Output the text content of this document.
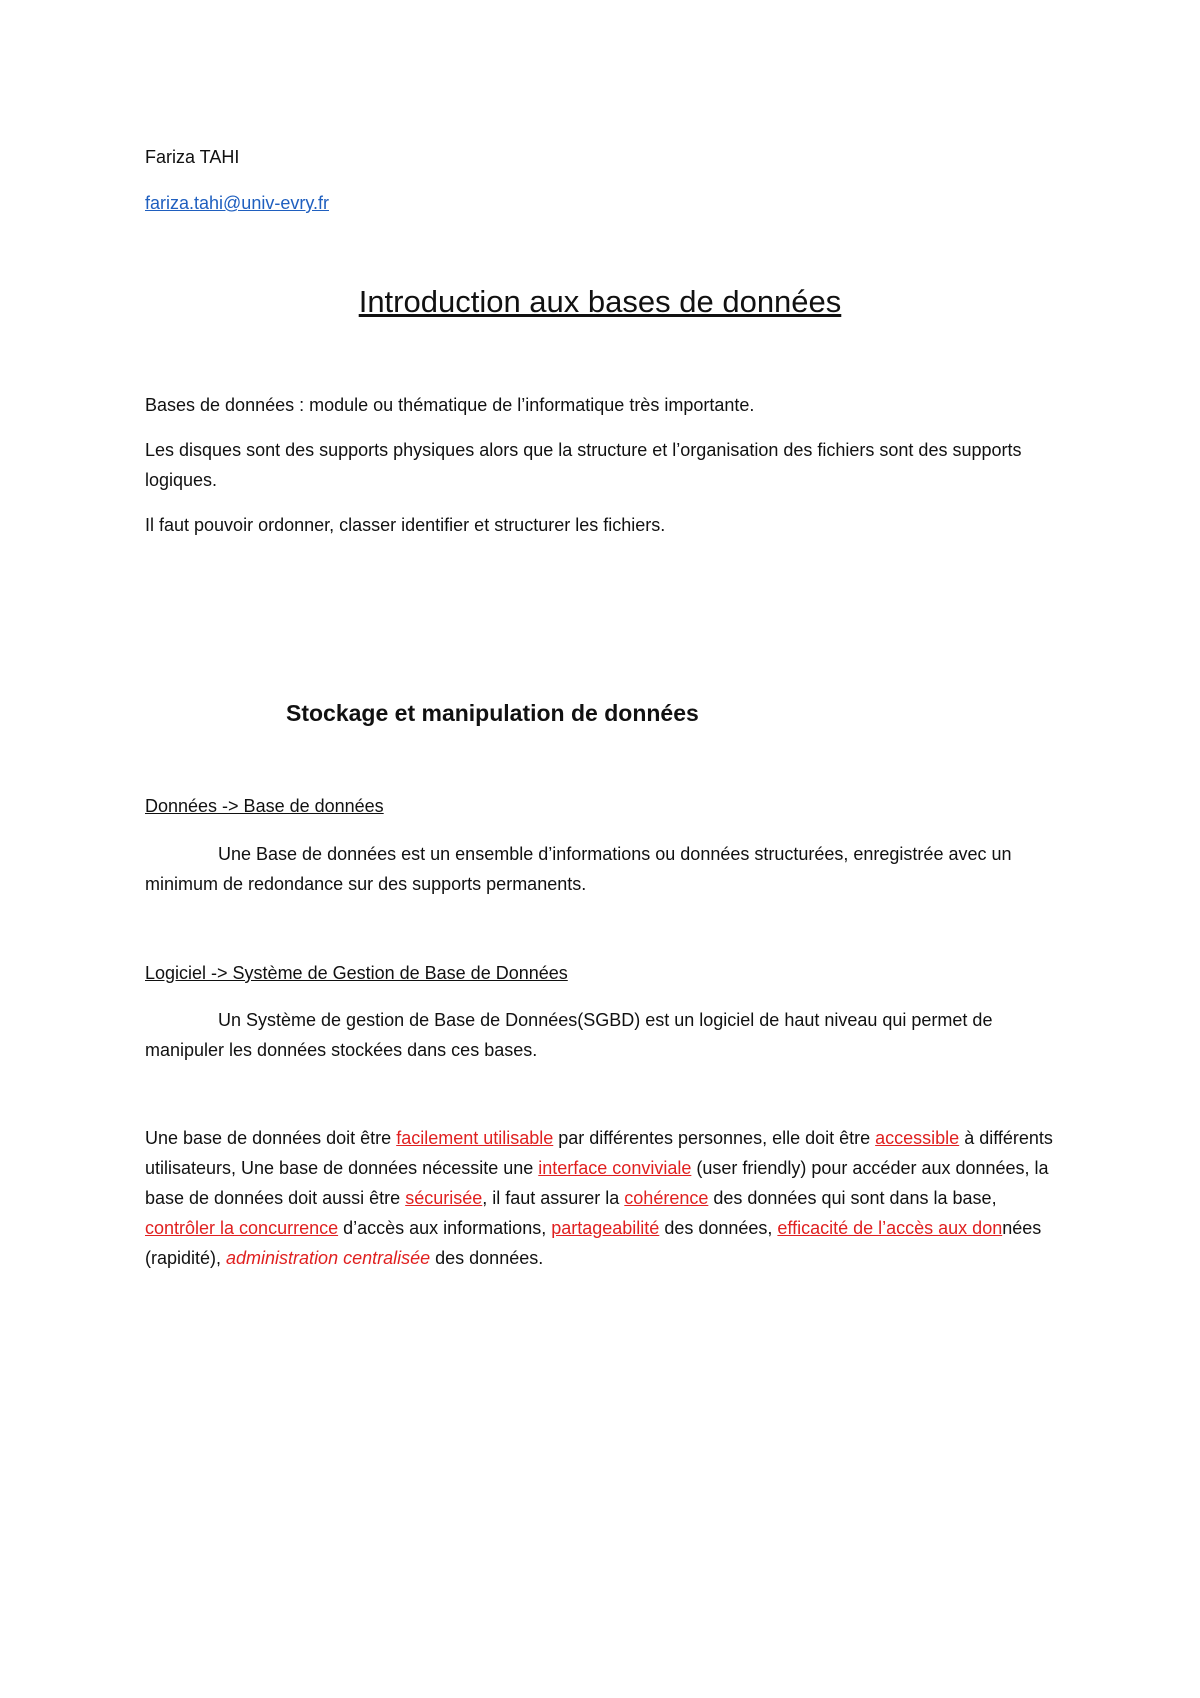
Fariza TAHI

fariza.tahi@univ-evry.fr

Introduction aux bases de données

Bases de données : module ou thématique de l’informatique très importante.

Les disques sont des supports physiques alors que la structure et l’organisation des fichiers sont des supports logiques.

Il faut pouvoir ordonner, classer identifier et structurer les fichiers.

Stockage et manipulation de données

Données -> Base de données

Une Base de données est un ensemble d’informations ou données structurées, enregistrée avec un minimum de redondance sur des supports permanents.

Logiciel -> Système de Gestion de Base de Données

Un Système de gestion de Base de Données(SGBD) est un logiciel de haut niveau qui permet de manipuler les données stockées dans ces bases.

Une base de données doit être facilement utilisable par différentes personnes, elle doit être accessible à différents utilisateurs, Une base de données nécessite une interface conviviale (user friendly) pour accéder aux données, la base de données doit aussi être sécurisée, il faut assurer la cohérence des données qui sont dans la base, contrôler la concurrence d’accès aux informations, partageabilité des données, efficacité de l’accès aux données (rapidité), administration centralisée des données.
